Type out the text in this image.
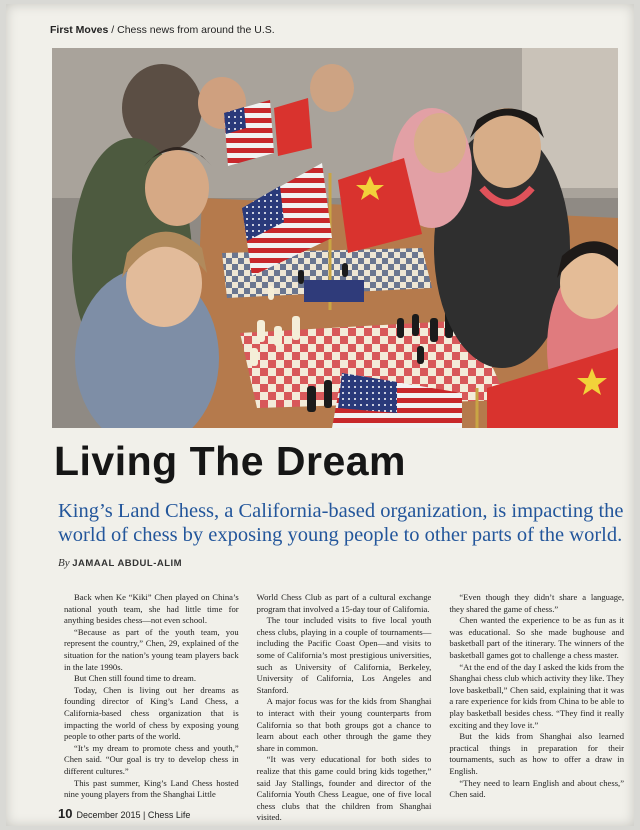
First Moves / Chess news from around the U.S.
Living The Dream

King’s Land Chess, a California-based organization, is impacting the world of chess by exposing young people to other parts of the world.

By JAMAAL ABDUL-ALIM

Back when Ke “Kiki” Chen played on China’s national youth team, she had little time for anything besides chess—not even school.

“Because as part of the youth team, you represent the country,” Chen, 29, explained of the situation for the nation’s young team players back in the late 1990s.

But Chen still found time to dream.

Today, Chen is living out her dreams as founding director of King’s Land Chess, a California-based chess organization that is impacting the world of chess by exposing young people to other parts of the world.

“It’s my dream to promote chess and youth,” Chen said. “Our goal is try to develop chess in different cultures.”

This past summer, King’s Land Chess hosted nine young players from the Shanghai Little

World Chess Club as part of a cultural exchange program that involved a 15-day tour of California.

The tour included visits to five local youth chess clubs, playing in a couple of tournaments—including the Pacific Coast Open—and visits to some of California’s most prestigious universities, such as University of California, Berkeley, University of California, Los Angeles and Stanford.

A major focus was for the kids from Shanghai to interact with their young counterparts from California so that both groups got a chance to learn about each other through the game they share in common.

“It was very educational for both sides to realize that this game could bring kids together,” said Jay Stallings, founder and director of the California Youth Chess League, one of five local chess clubs that the children from Shanghai visited.

“Even though they didn’t share a language, they shared the game of chess.”

Chen wanted the experience to be as fun as it was educational. So she made bughouse and basketball part of the itinerary. The winners of the basketball games got to challenge a chess master.

“At the end of the day I asked the kids from the Shanghai chess club which activity they like. They love basketball,” Chen said, explaining that it was a rare experience for kids from China to be able to play basketball besides chess. “They find it really exciting and they love it.”

But the kids from Shanghai also learned practical things in preparation for their tournaments, such as how to offer a draw in English.

“They need to learn English and about chess,” Chen said.

10 December 2015 | Chess Life
